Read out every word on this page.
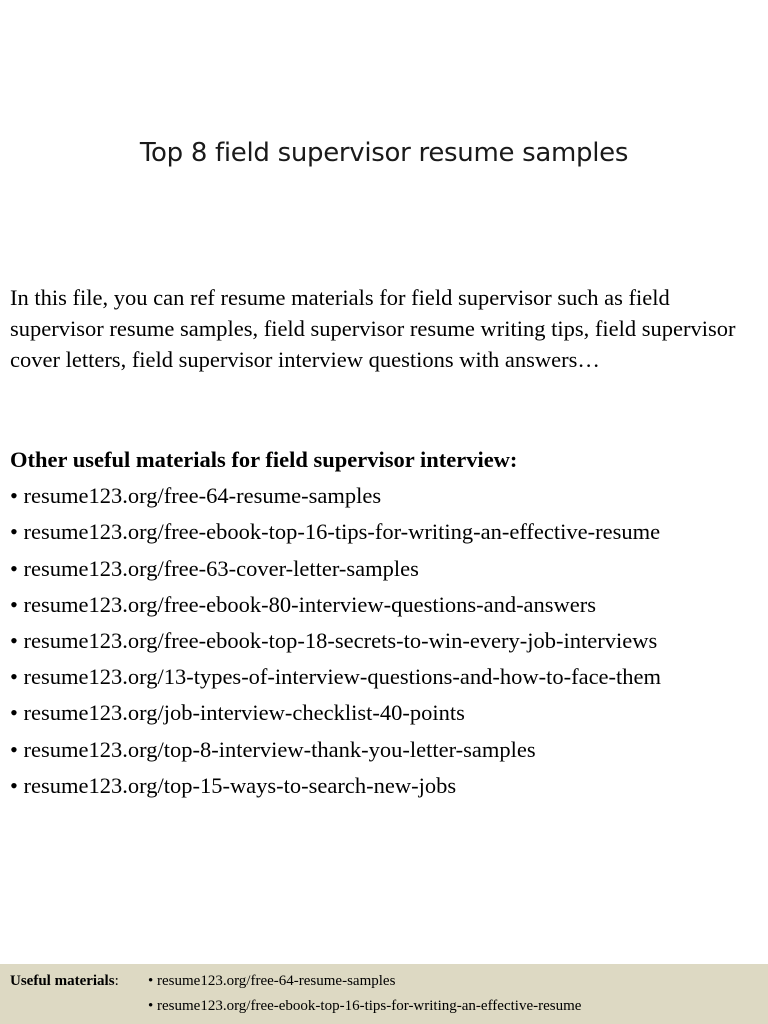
Top 8 field supervisor resume samples

In this file, you can ref resume materials for field supervisor such as field supervisor resume samples, field supervisor resume writing tips, field supervisor cover letters, field supervisor interview questions with answers…

Other useful materials for field supervisor interview:
• resume123.org/free-64-resume-samples
• resume123.org/free-ebook-top-16-tips-for-writing-an-effective-resume
• resume123.org/free-63-cover-letter-samples
• resume123.org/free-ebook-80-interview-questions-and-answers
• resume123.org/free-ebook-top-18-secrets-to-win-every-job-interviews
• resume123.org/13-types-of-interview-questions-and-how-to-face-them
• resume123.org/job-interview-checklist-40-points
• resume123.org/top-8-interview-thank-you-letter-samples
• resume123.org/top-15-ways-to-search-new-jobs
Useful materials: • resume123.org/free-64-resume-samples
• resume123.org/free-ebook-top-16-tips-for-writing-an-effective-resume
